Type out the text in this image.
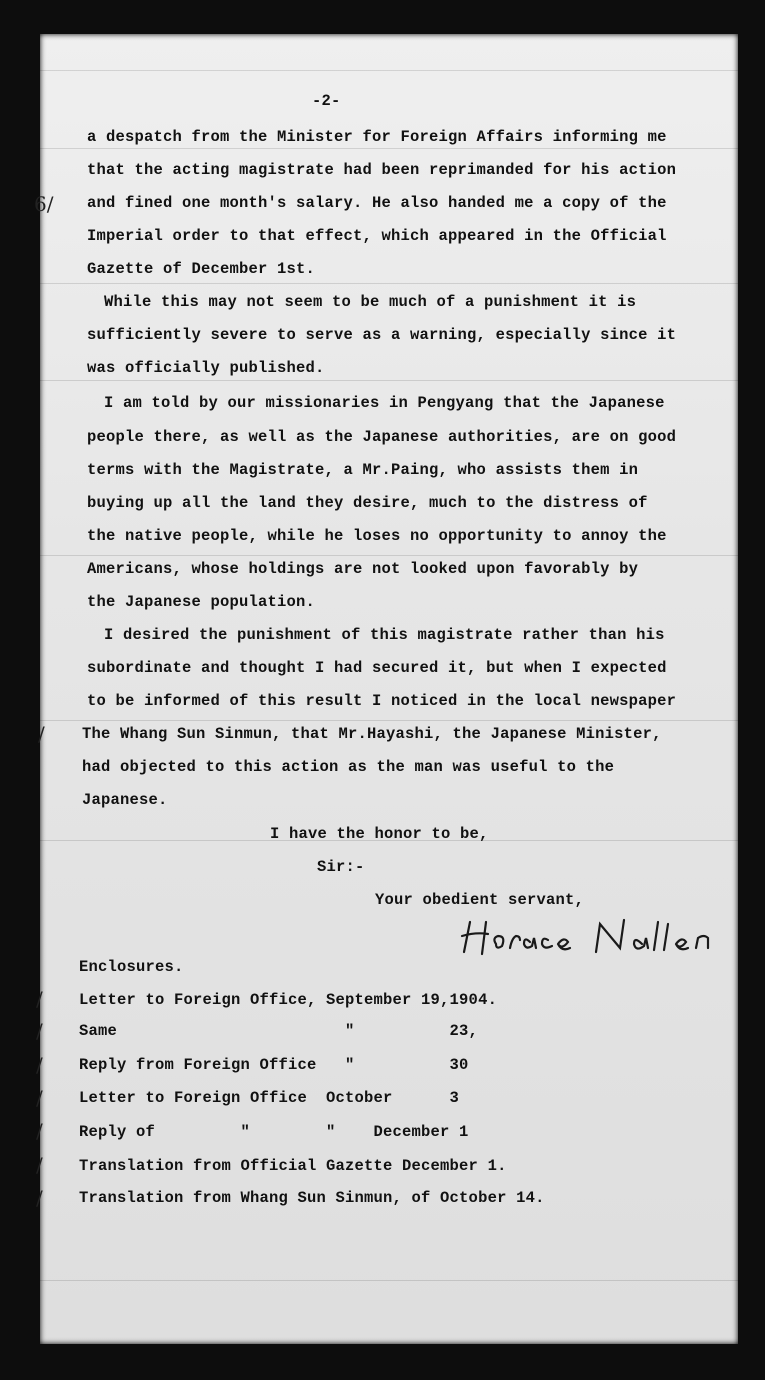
-2-
a despatch from the Minister for Foreign Affairs informing me
that the acting magistrate had been reprimanded for his action
and fined one month's salary. He also handed me a copy of the
Imperial order to that effect, which appeared in the Official
Gazette of December 1st.
While this may not seem to be much of a punishment it is
sufficiently severe to serve as a warning, especially since it
was officially published.
I am told by our missionaries in Pengyang that the Japanese
people there, as well as the Japanese authorities, are on good
terms with the Magistrate, a Mr.Paing, who assists them in
buying up all the land they desire, much to the distress of
the native people, while he loses no opportunity to annoy the
Americans, whose holdings are not looked upon favorably by
the Japanese population.
I desired the punishment of this magistrate rather than his
subordinate and thought I had secured it, but when I expected
to be informed of this result I noticed in the local newspaper
The Whang Sun Sinmun, that Mr.Hayashi, the Japanese Minister,
had objected to this action as the man was useful to the
Japanese.
I have the honor to be,
Sir:-
Your obedient servant,
Enclosures.
Letter to Foreign Office, September 19,1904.
Same                        "          23,
Reply from Foreign Office   "          30
Letter to Foreign Office  October      3
Reply of         "        "    December 1
Translation from Official Gazette December 1.
Translation from Whang Sun Sinmun, of October 14.
6/
/
/
/
/
/
/
/
/
